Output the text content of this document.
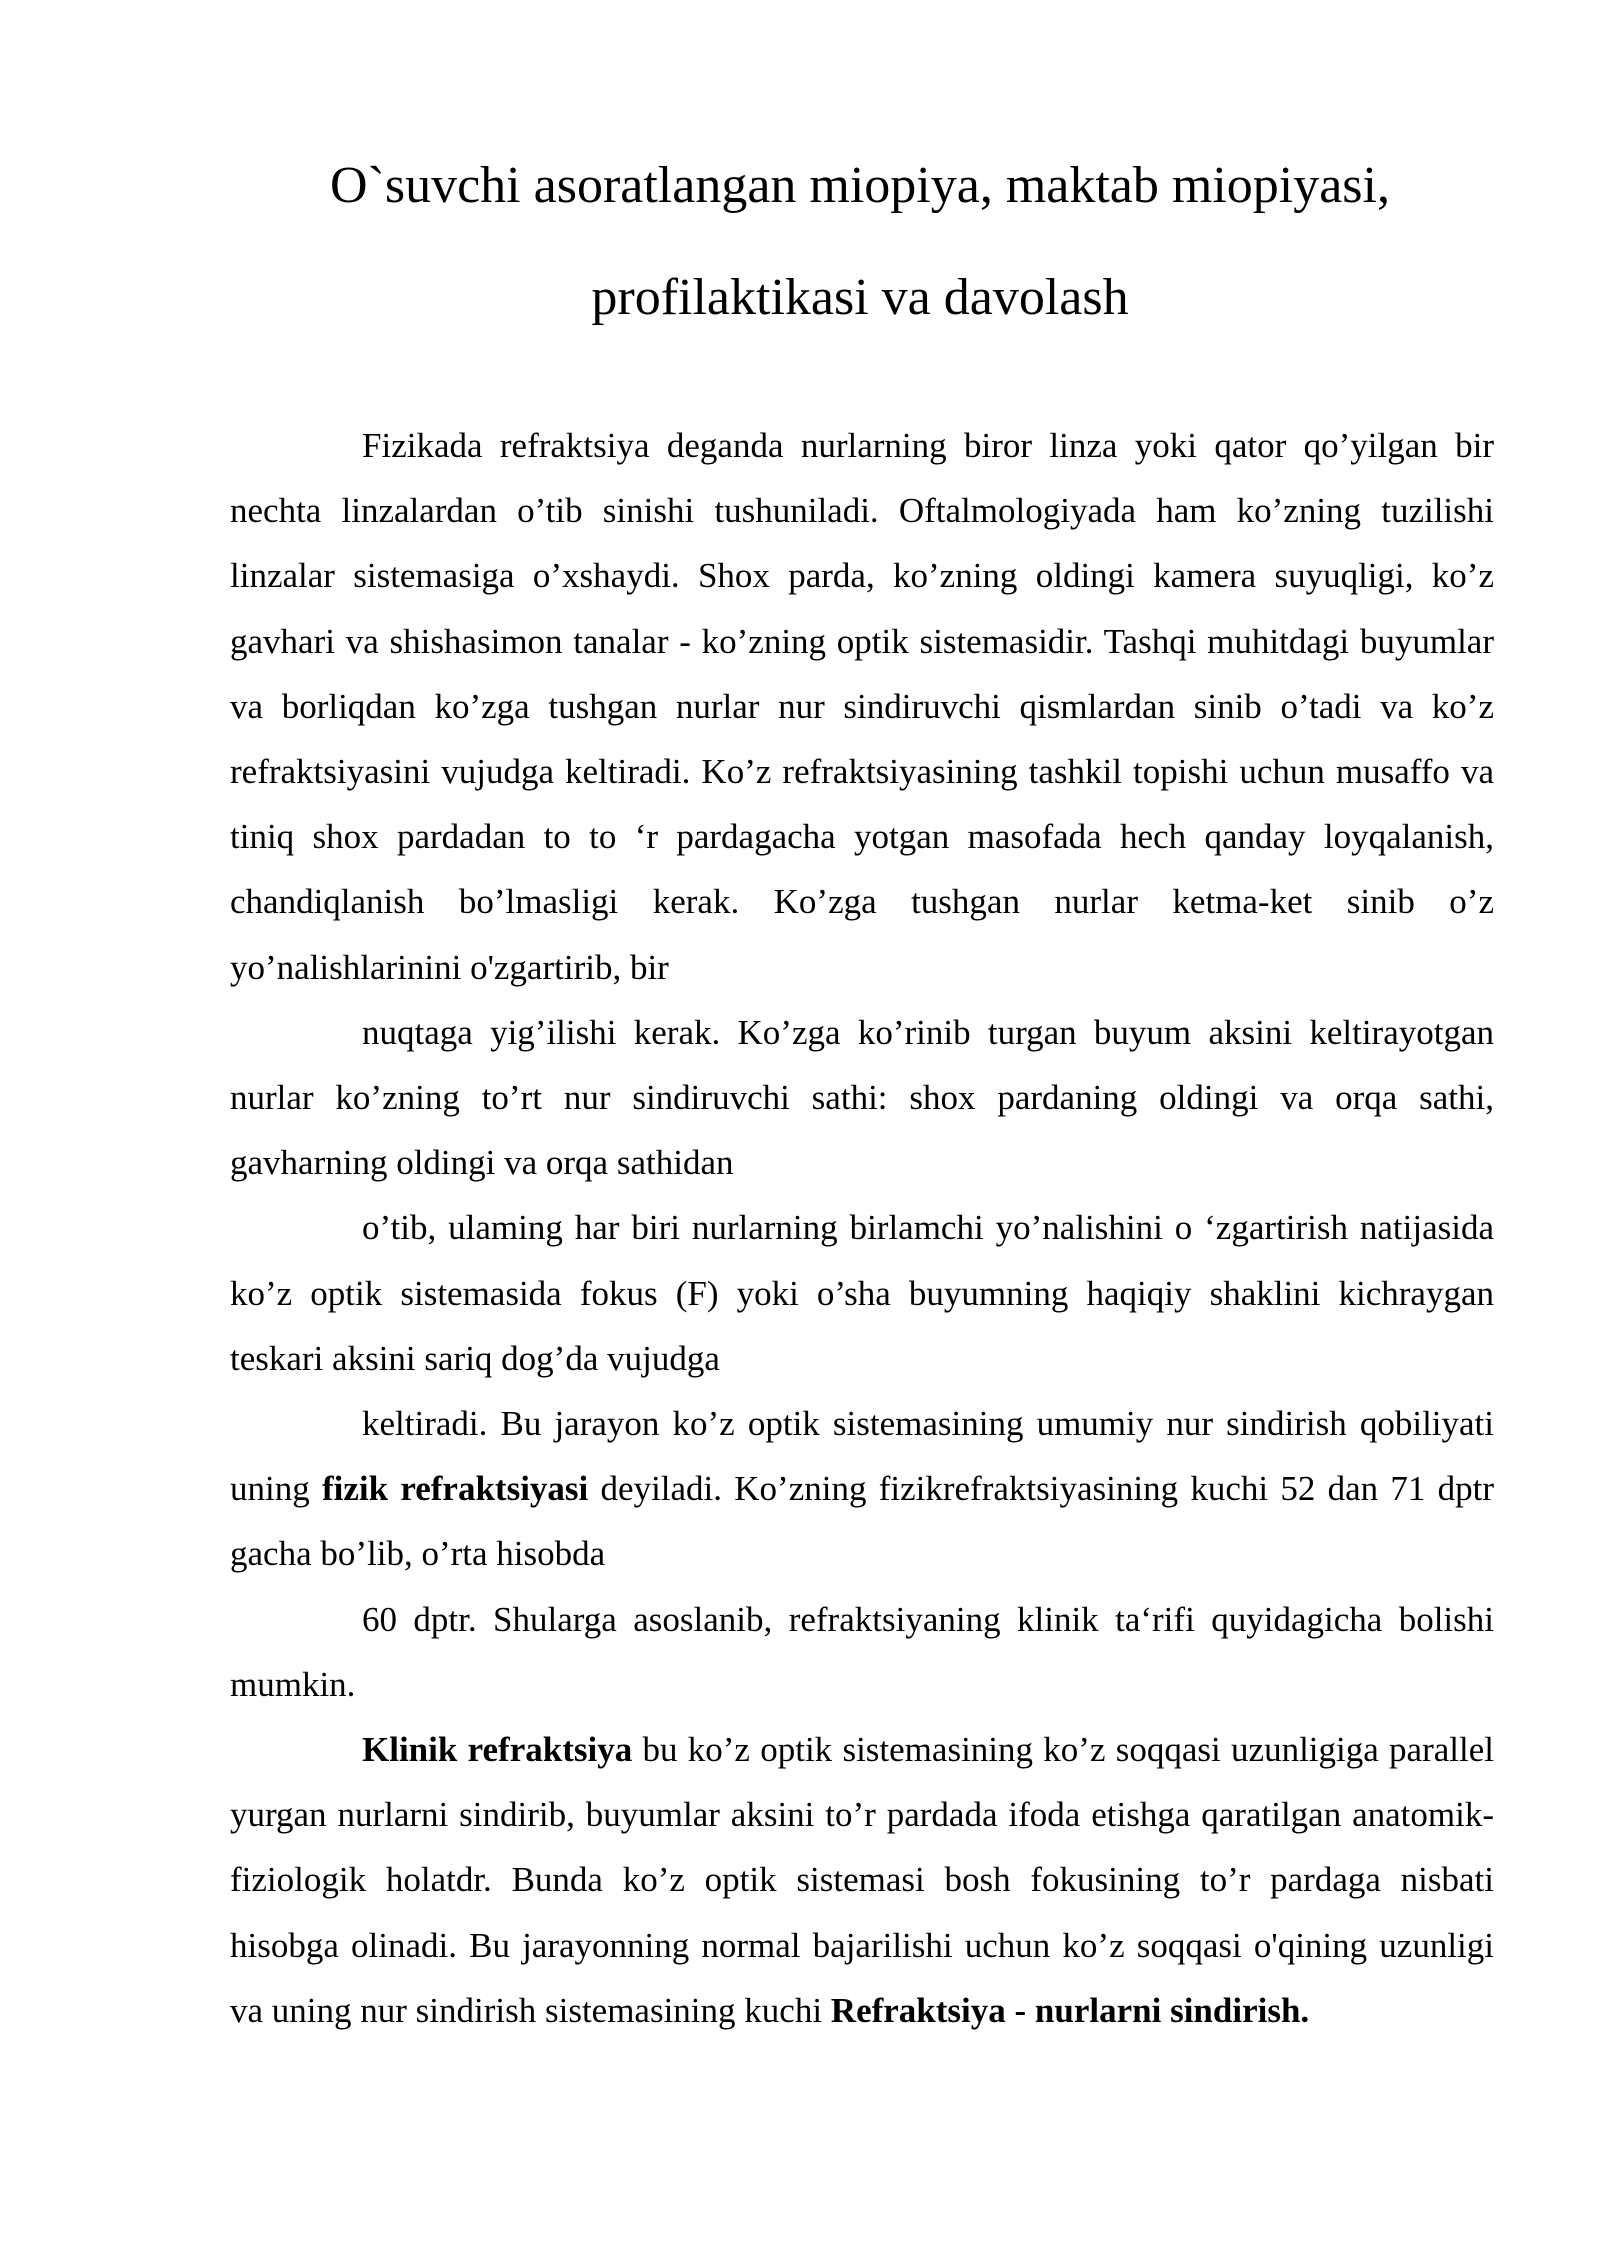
O`suvchi asoratlangan miopiya, maktab miopiyasi,
profilaktikasi va davolash

Fizikada refraktsiya deganda nurlarning biror linza yoki qator qo’yilgan bir nechta linzalardan o’tib sinishi tushuniladi. Oftalmologiyada ham ko’zning tuzilishi linzalar sistemasiga o’xshaydi. Shox parda, ko’zning oldingi kamera suyuqligi, ko’z gavhari va shishasimon tanalar - ko’zning optik sistemasidir. Tashqi muhitdagi buyumlar va borliqdan ko’zga tushgan nurlar nur sindiruvchi qismlardan sinib o’tadi va ko’z refraktsiyasini vujudga keltiradi. Ko’z refraktsiyasining tashkil topishi uchun musaffo va tiniq shox pardadan to to ‘r pardagacha yotgan masofada hech qanday loyqalanish, chandiqlanish bo’lmasligi kerak. Ko’zga tushgan nurlar ketma-ket sinib o’z yo’nalishlarinini o'zgartirib, bir

nuqtaga yig’ilishi kerak. Ko’zga ko’rinib turgan buyum aksini keltirayotgan nurlar ko’zning to’rt nur sindiruvchi sathi: shox pardaning oldingi va orqa sathi, gavharning oldingi va orqa sathidan

o’tib, ulaming har biri nurlarning birlamchi yo’nalishini o ‘zgartirish natijasida ko’z optik sistemasida fokus (F) yoki o’sha buyumning haqiqiy shaklini kichraygan teskari aksini sariq dog’da vujudga

keltiradi. Bu jarayon ko’z optik sistemasining umumiy nur sindirish qobiliyati uning fizik refraktsiyasi deyiladi. Ko’zning fizikrefraktsiyasining kuchi 52 dan 71 dptr gacha bo’lib, o’rta hisobda

60 dptr. Shularga asoslanib, refraktsiyaning klinik ta‘rifi quyidagicha bolishi mumkin.

Klinik refraktsiya bu ko’z optik sistemasining ko’z soqqasi uzunligiga parallel yurgan nurlarni sindirib, buyumlar aksini to’r pardada ifoda etishga qaratilgan anatomik-fiziologik holatdr. Bunda ko’z optik sistemasi bosh fokusining to’r pardaga nisbati hisobga olinadi. Bu jarayonning normal bajarilishi uchun ko’z soqqasi o'qining uzunligi va uning nur sindirish sistemasining kuchi Refraktsiya - nurlarni sindirish.
